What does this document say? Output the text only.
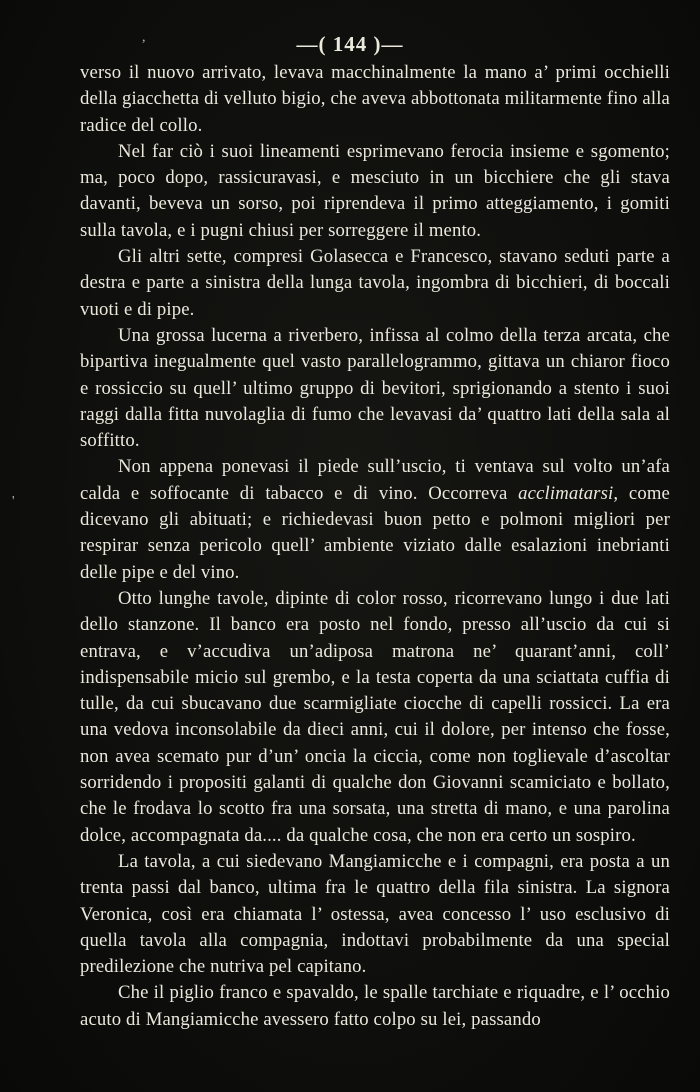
—( 144 )—

verso il nuovo arrivato, levava macchinalmente la mano a’ primi occhielli della giacchetta di velluto bigio, che aveva abbottonata militarmente fino alla radice del collo.

Nel far ciò i suoi lineamenti esprimevano ferocia insieme e sgomento; ma, poco dopo, rassicuravasi, e mesciuto in un bicchiere che gli stava davanti, beveva un sorso, poi riprendeva il primo atteggiamento, i gomiti sulla tavola, e i pugni chiusi per sorreggere il mento.

Gli altri sette, compresi Golasecca e Francesco, stavano seduti parte a destra e parte a sinistra della lunga tavola, ingombra di bicchieri, di boccali vuoti e di pipe.

Una grossa lucerna a riverbero, infissa al colmo della terza arcata, che bipartiva inegualmente quel vasto parallelogrammo, gittava un chiaror fioco e rossiccio su quell’ ultimo gruppo di bevitori, sprigionando a stento i suoi raggi dalla fitta nuvolaglia di fumo che levavasi da’ quattro lati della sala al soffitto.

Non appena ponevasi il piede sull’uscio, ti ventava sul volto un’afa calda e soffocante di tabacco e di vino. Occorreva acclimatarsi, come dicevano gli abituati; e richiedevasi buon petto e polmoni migliori per respirar senza pericolo quell’ ambiente viziato dalle esalazioni inebrianti delle pipe e del vino.

Otto lunghe tavole, dipinte di color rosso, ricorrevano lungo i due lati dello stanzone. Il banco era posto nel fondo, presso all’uscio da cui si entrava, e v’accudiva un’adiposa matrona ne’ quarant’anni, coll’ indispensabile micio sul grembo, e la testa coperta da una sciattata cuffia di tulle, da cui sbucavano due scarmigliate ciocche di capelli rossicci. La era una vedova inconsolabile da dieci anni, cui il dolore, per intenso che fosse, non avea scemato pur d’un’ oncia la ciccia, come non toglievale d’ascoltar sorridendo i propositi galanti di qualche don Giovanni scamiciato e bollato, che le frodava lo scotto fra una sorsata, una stretta di mano, e una parolina dolce, accompagnata da.... da qualche cosa, che non era certo un sospiro.

La tavola, a cui siedevano Mangiamicche e i compagni, era posta a un trenta passi dal banco, ultima fra le quattro della fila sinistra. La signora Veronica, così era chiamata l’ ostessa, avea concesso l’ uso esclusivo di quella tavola alla compagnia, indottavi probabilmente da una special predilezione che nutriva pel capitano.

Che il piglio franco e spavaldo, le spalle tarchiate e riquadre, e l’ occhio acuto di Mangiamicche avessero fatto colpo su lei, passando

'
,
